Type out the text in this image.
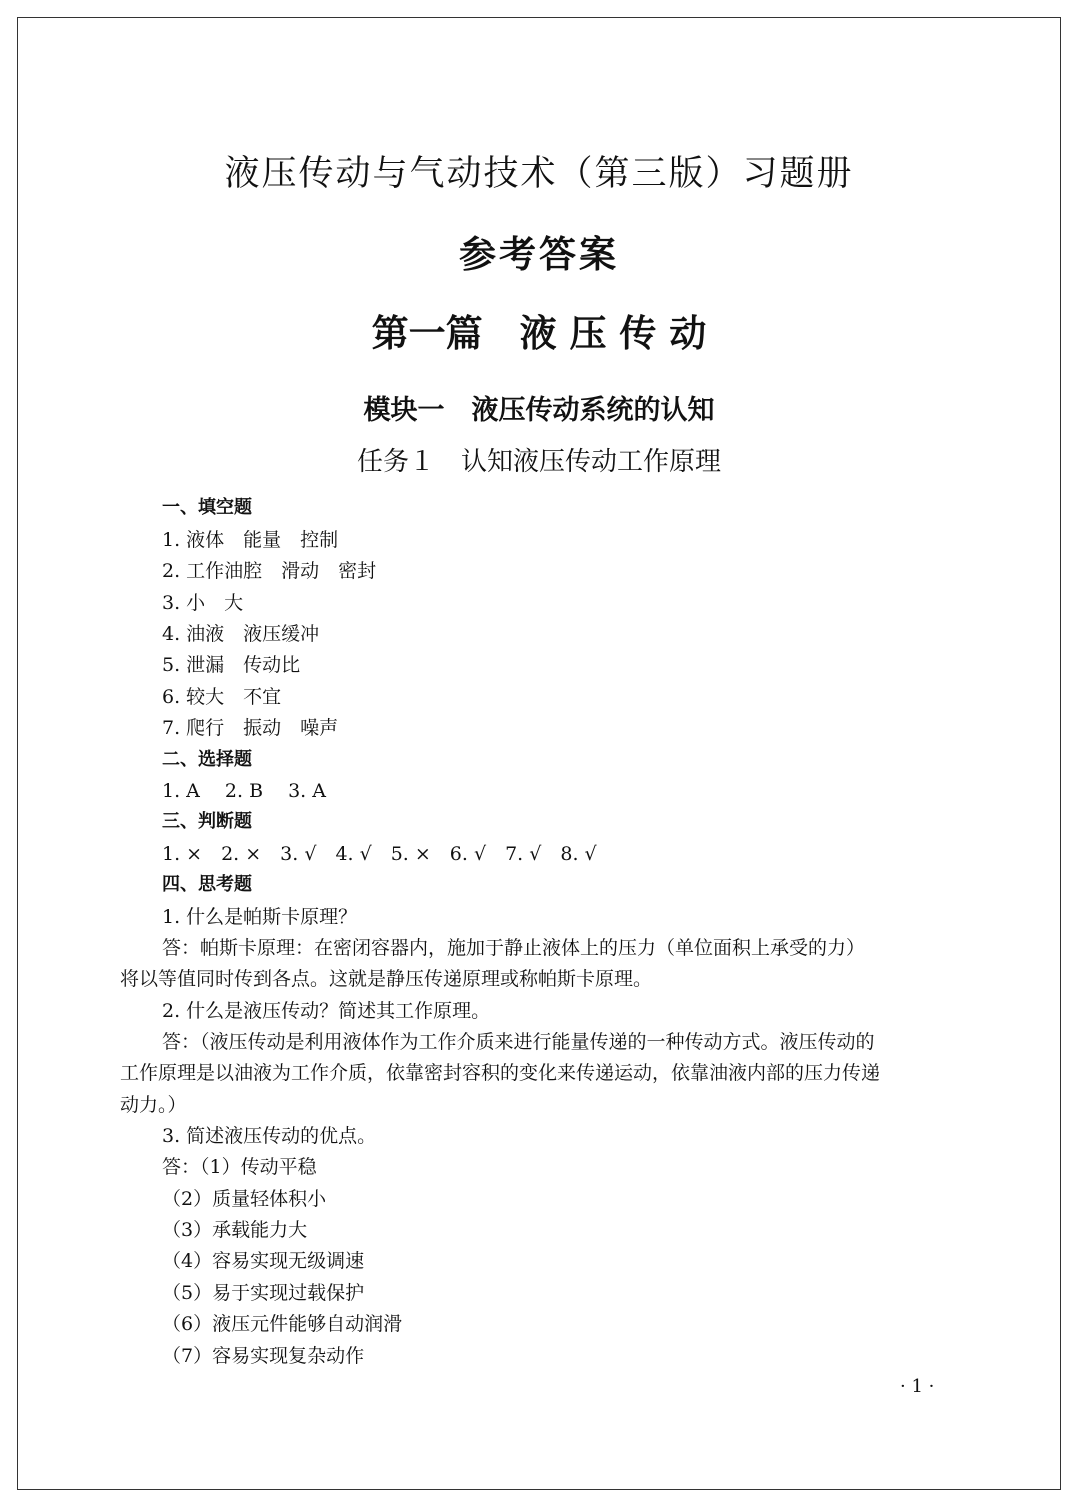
液压传动与气动技术（第三版）习题册
参考答案
第一篇　液 压 传 动
模块一　液压传动系统的认知
任务１　认知液压传动工作原理
一、填空题
1. 液体　能量　控制
2. 工作油腔　滑动　密封
3. 小　大
4. 油液　液压缓冲
5. 泄漏　传动比
6. 较大　不宜
7. 爬行　振动　噪声
二、选择题
1. A　 2. B　 3. A
三、判断题
1. ×　2. ×　3. √　4. √　5. ×　6. √　7. √　8. √
四、思考题
1. 什么是帕斯卡原理？
答：帕斯卡原理：在密闭容器内，施加于静止液体上的压力（单位面积上承受的力）
将以等值同时传到各点。这就是静压传递原理或称帕斯卡原理。
2. 什么是液压传动？简述其工作原理。
答：（液压传动是利用液体作为工作介质来进行能量传递的一种传动方式。液压传动的
工作原理是以油液为工作介质，依靠密封容积的变化来传递运动，依靠油液内部的压力传递
动力。）
3. 简述液压传动的优点。
答：（1）传动平稳
（2）质量轻体积小
（3）承载能力大
（4）容易实现无级调速
（5）易于实现过载保护
（6）液压元件能够自动润滑
（7）容易实现复杂动作
· 1 ·
